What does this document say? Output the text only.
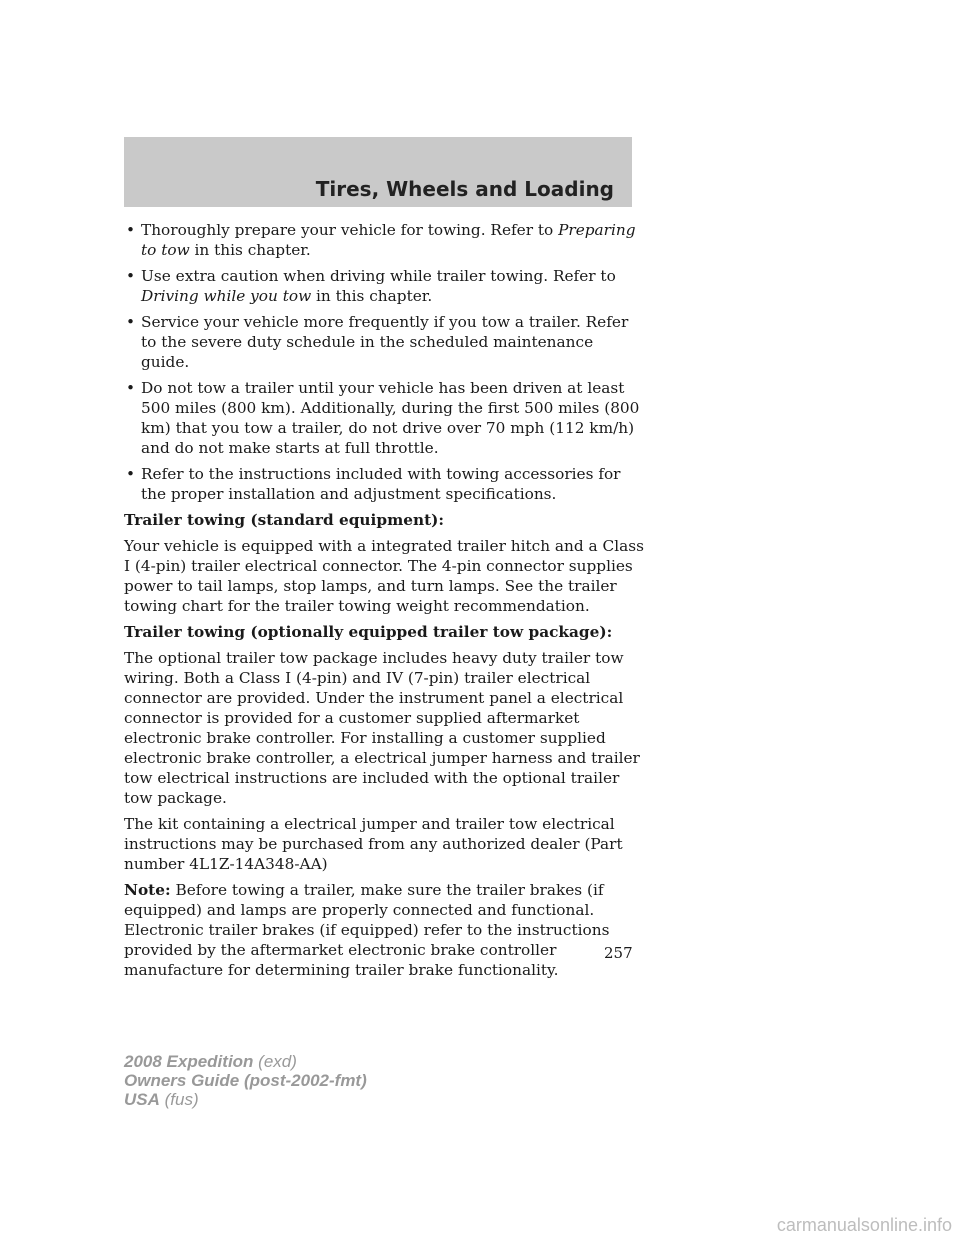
Tires, Wheels and Loading
• Thoroughly prepare your vehicle for towing. Refer to Preparing to tow in this chapter.
• Use extra caution when driving while trailer towing. Refer to Driving while you tow in this chapter.
• Service your vehicle more frequently if you tow a trailer. Refer to the severe duty schedule in the scheduled maintenance guide.
• Do not tow a trailer until your vehicle has been driven at least 500 miles (800 km). Additionally, during the first 500 miles (800 km) that you tow a trailer, do not drive over 70 mph (112 km/h) and do not make starts at full throttle.
• Refer to the instructions included with towing accessories for the proper installation and adjustment specifications.
Trailer towing (standard equipment):
Your vehicle is equipped with a integrated trailer hitch and a Class I (4-pin) trailer electrical connector. The 4-pin connector supplies power to tail lamps, stop lamps, and turn lamps. See the trailer towing chart for the trailer towing weight recommendation.
Trailer towing (optionally equipped trailer tow package):
The optional trailer tow package includes heavy duty trailer tow wiring. Both a Class I (4-pin) and IV (7-pin) trailer electrical connector are provided. Under the instrument panel a electrical connector is provided for a customer supplied aftermarket electronic brake controller. For installing a customer supplied electronic brake controller, a electrical jumper harness and trailer tow electrical instructions are included with the optional trailer tow package.
The kit containing a electrical jumper and trailer tow electrical instructions may be purchased from any authorized dealer (Part number 4L1Z-14A348-AA)
Note: Before towing a trailer, make sure the trailer brakes (if equipped) and lamps are properly connected and functional. Electronic trailer brakes (if equipped) refer to the instructions provided by the aftermarket electronic brake controller manufacture for determining trailer brake functionality.
257
2008 Expedition (exd)
Owners Guide (post-2002-fmt)
USA (fus)
carmanualsonline.info
